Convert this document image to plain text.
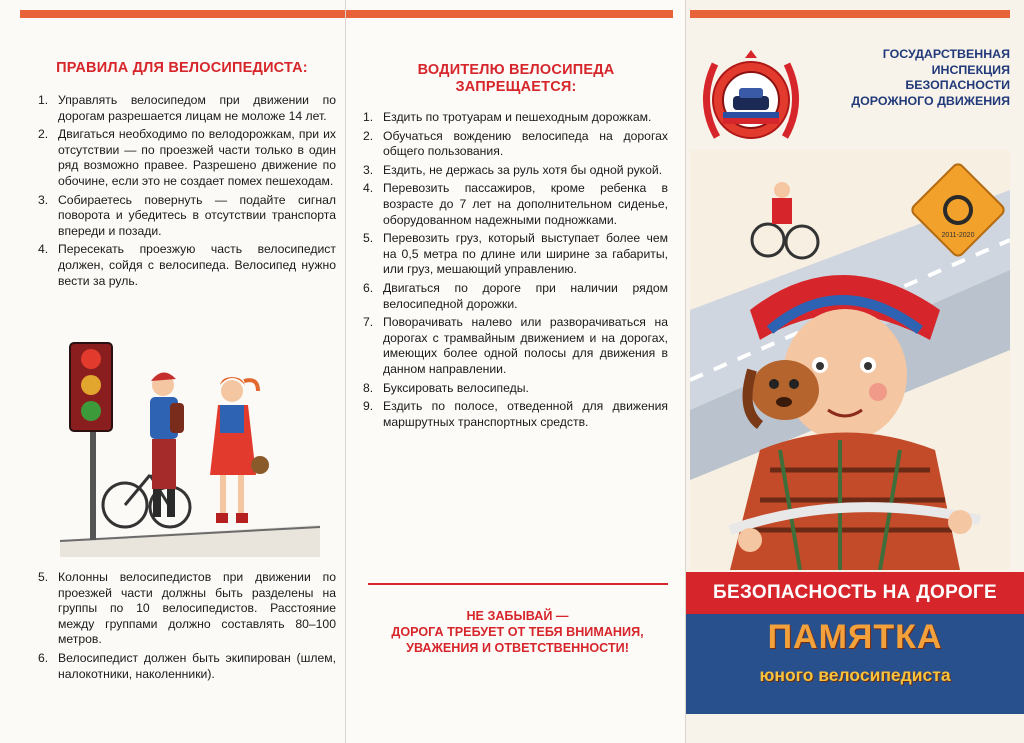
ПРАВИЛА ДЛЯ ВЕЛОСИПЕДИСТА:
1. Управлять велосипедом при движении по дорогам разрешается лицам не моложе 14 лет.
2. Двигаться необходимо по велодорожкам, при их отсутствии — по проезжей части только в один ряд возможно правее. Разрешено движение по обочине, если это не создает помех пешеходам.
3. Собираетесь повернуть — подайте сигнал поворота и убедитесь в отсутствии транспорта впереди и позади.
4. Пересекать проезжую часть велосипедист должен, сойдя с велосипеда. Велосипед нужно вести за руль.
5. Колонны велосипедистов при движении по проезжей части должны быть разделены на группы по 10 велосипедистов. Расстояние между группами должно составлять 80–100 метров.
6. Велосипедист должен быть экипирован (шлем, налокотники, наколенники).
ВОДИТЕЛЮ ВЕЛОСИПЕДА
ЗАПРЕЩАЕТСЯ:
1. Ездить по тротуарам и пешеходным дорожкам.
2. Обучаться вождению велосипеда на дорогах общего пользования.
3. Ездить, не держась за руль хотя бы одной рукой.
4. Перевозить пассажиров, кроме ребенка в возрасте до 7 лет на дополнительном сиденье, оборудованном надежными подножками.
5. Перевозить груз, который выступает более чем на 0,5 метра по длине или ширине за габариты, или груз, мешающий управлению.
6. Двигаться по дороге при наличии рядом велосипедной дорожки.
7. Поворачивать налево или разворачиваться на дорогах с трамвайным движением и на дорогах, имеющих более одной полосы для движения в данном направлении.
8. Буксировать велосипеды.
9. Ездить по полосе, отведенной для движения маршрутных транспортных средств.
НЕ ЗАБЫВАЙ —
ДОРОГА ТРЕБУЕТ ОТ ТЕБЯ ВНИМАНИЯ,
УВАЖЕНИЯ И ОТВЕТСТВЕННОСТИ!
ГОСУДАРСТВЕННАЯ
ИНСПЕКЦИЯ
БЕЗОПАСНОСТИ
ДОРОЖНОГО ДВИЖЕНИЯ
2011-2020
БЕЗОПАСНОСТЬ НА ДОРОГЕ
ПАМЯТКА
юного велосипедиста
